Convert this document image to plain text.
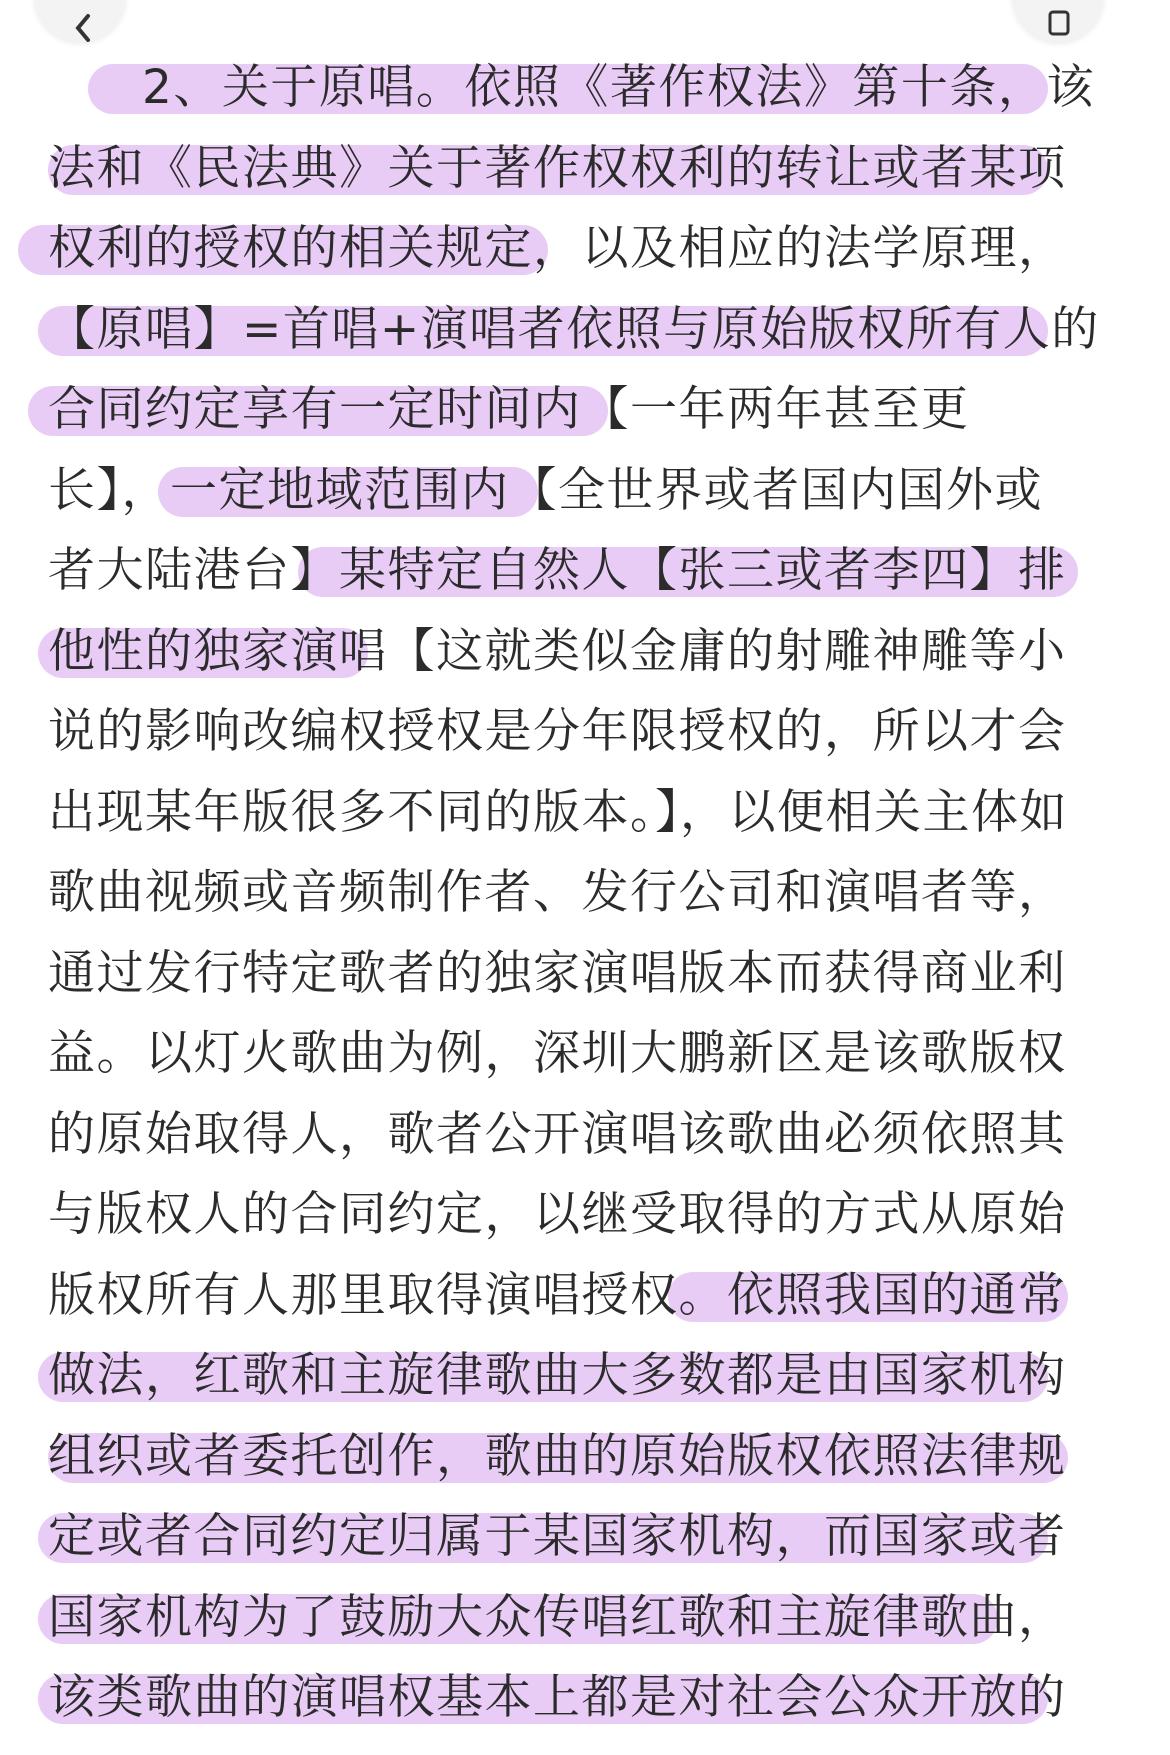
2、关于原唱。依照《著作权法》第十条，该
法和《民法典》关于著作权权利的转让或者某项
权利的授权的相关规定，以及相应的法学原理，
【原唱】=首唱+演唱者依照与原始版权所有人的
合同约定享有一定时间内【一年两年甚至更
长】，一定地域范围内【全世界或者国内国外或
者大陆港台】某特定自然人【张三或者李四】排
他性的独家演唱【这就类似金庸的射雕神雕等小
说的影响改编权授权是分年限授权的，所以才会
出现某年版很多不同的版本。】，以便相关主体如
歌曲视频或音频制作者、发行公司和演唱者等，
通过发行特定歌者的独家演唱版本而获得商业利
益。以灯火歌曲为例，深圳大鹏新区是该歌版权
的原始取得人，歌者公开演唱该歌曲必须依照其
与版权人的合同约定，以继受取得的方式从原始
版权所有人那里取得演唱授权。依照我国的通常
做法，红歌和主旋律歌曲大多数都是由国家机构
组织或者委托创作，歌曲的原始版权依照法律规
定或者合同约定归属于某国家机构，而国家或者
国家机构为了鼓励大众传唱红歌和主旋律歌曲，
该类歌曲的演唱权基本上都是对社会公众开放的
